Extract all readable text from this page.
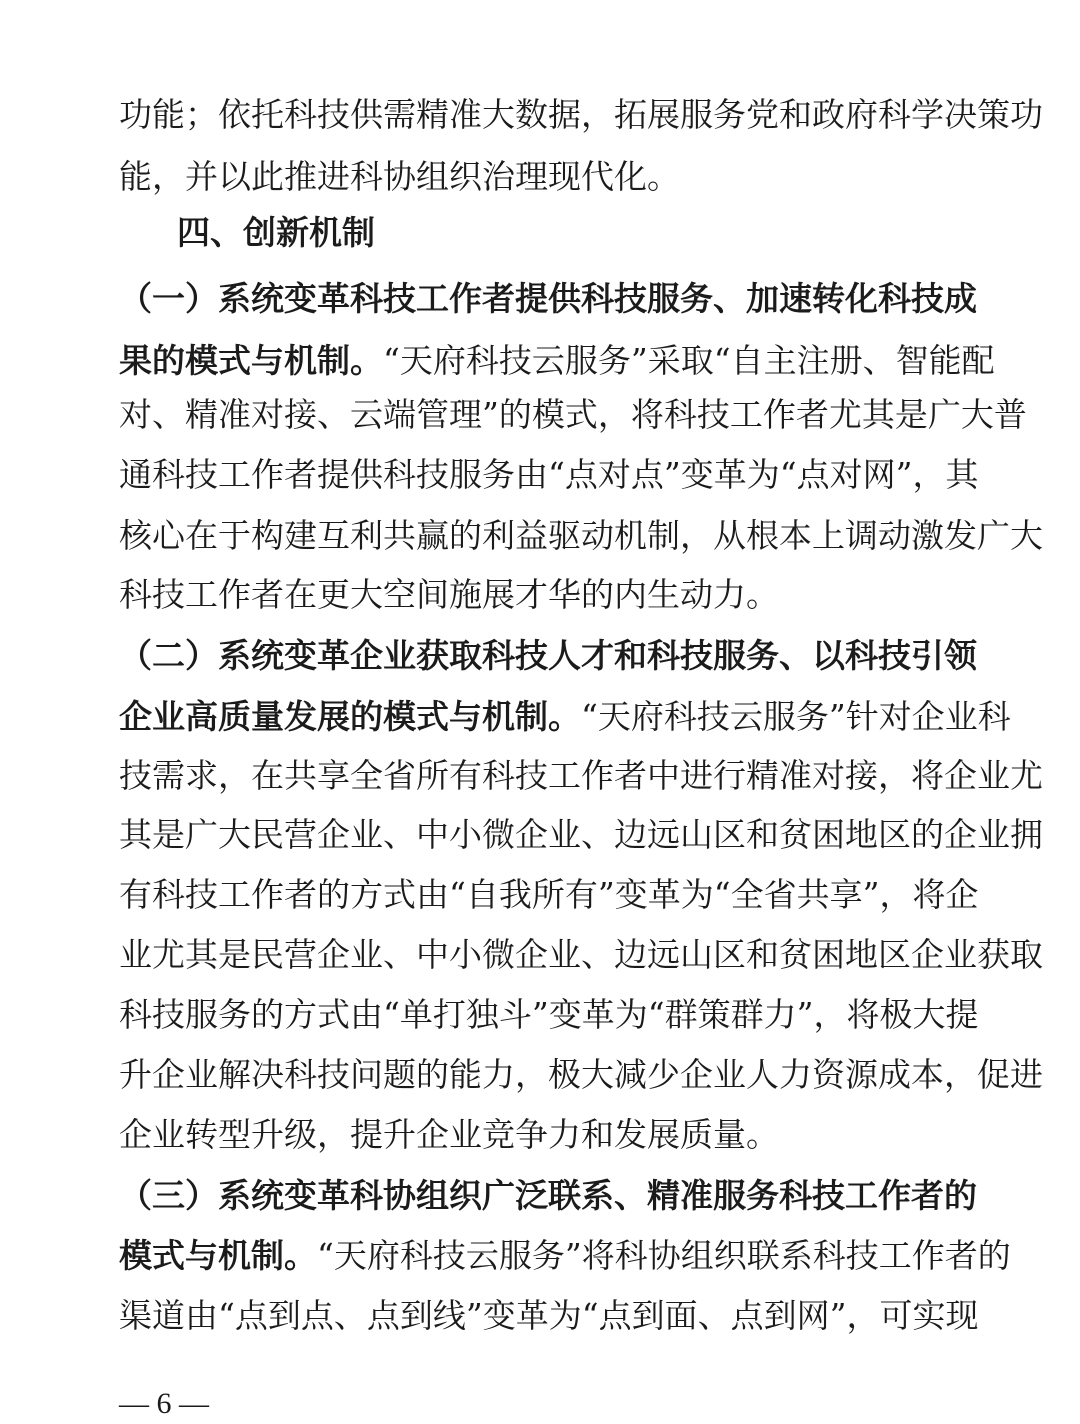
功能；依托科技供需精准大数据，拓展服务党和政府科学决策功
能，并以此推进科协组织治理现代化。
四、创新机制
（一）系统变革科技工作者提供科技服务、加速转化科技成
果的模式与机制。“天府科技云服务”采取“自主注册、智能配
对、精准对接、云端管理”的模式，将科技工作者尤其是广大普
通科技工作者提供科技服务由“点对点”变革为“点对网”，其
核心在于构建互利共赢的利益驱动机制，从根本上调动激发广大
科技工作者在更大空间施展才华的内生动力。
（二）系统变革企业获取科技人才和科技服务、以科技引领
企业高质量发展的模式与机制。“天府科技云服务”针对企业科
技需求，在共享全省所有科技工作者中进行精准对接，将企业尤
其是广大民营企业、中小微企业、边远山区和贫困地区的企业拥
有科技工作者的方式由“自我所有”变革为“全省共享”，将企
业尤其是民营企业、中小微企业、边远山区和贫困地区企业获取
科技服务的方式由“单打独斗”变革为“群策群力”，将极大提
升企业解决科技问题的能力，极大减少企业人力资源成本，促进
企业转型升级，提升企业竞争力和发展质量。
（三）系统变革科协组织广泛联系、精准服务科技工作者的
模式与机制。“天府科技云服务”将科协组织联系科技工作者的
渠道由“点到点、点到线”变革为“点到面、点到网”，可实现
— 6 —
